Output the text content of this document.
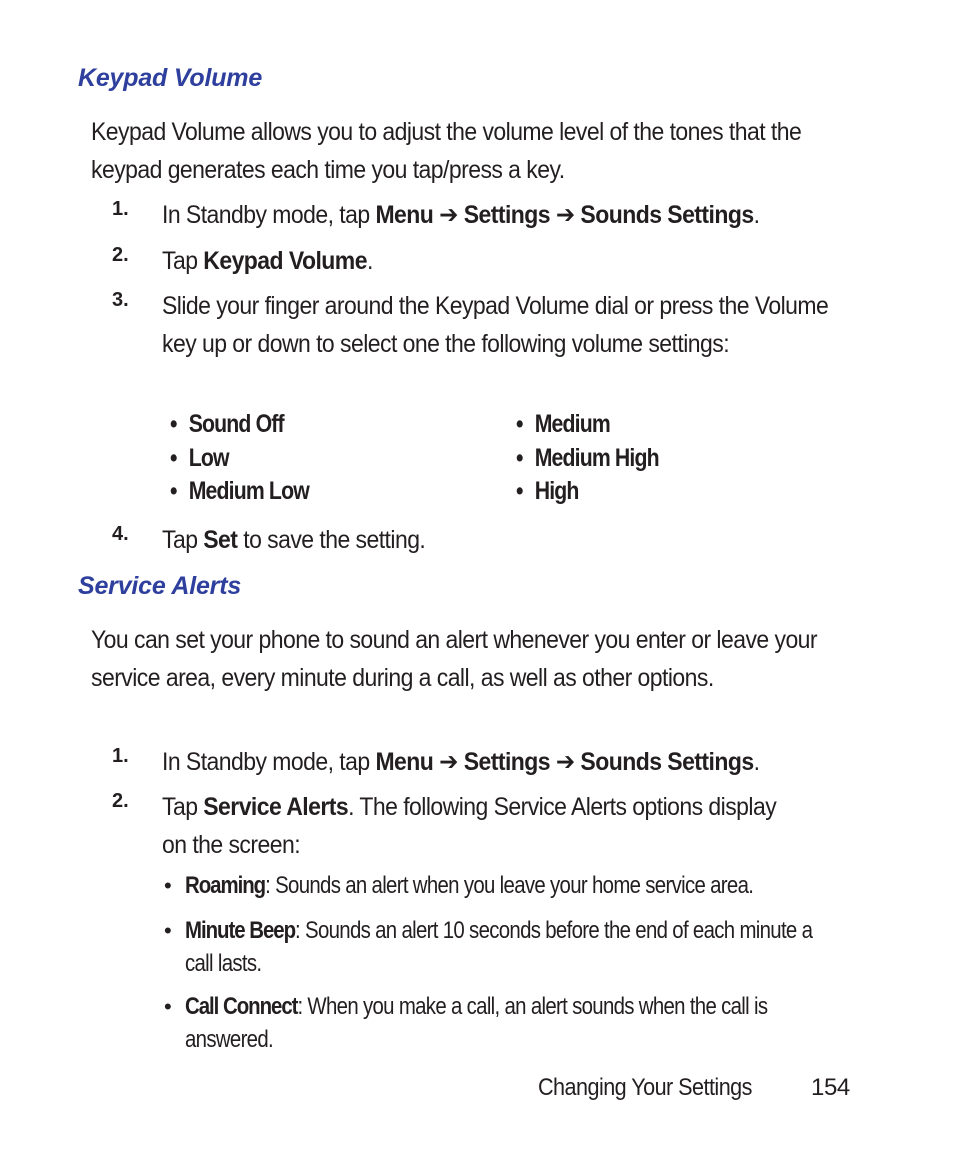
Keypad Volume

Keypad Volume allows you to adjust the volume level of the tones that the keypad generates each time you tap/press a key.

1. In Standby mode, tap Menu ➔ Settings ➔ Sounds Settings.

2. Tap Keypad Volume.

3. Slide your finger around the Keypad Volume dial or press the Volume key up or down to select one the following volume settings:

• Sound Off
• Low
• Medium Low
• Medium
• Medium High
• High
4. Tap Set to save the setting.

Service Alerts

You can set your phone to sound an alert whenever you enter or leave your service area, every minute during a call, as well as other options.

1. In Standby mode, tap Menu ➔ Settings ➔ Sounds Settings.

2. Tap Service Alerts. The following Service Alerts options display on the screen:

• Roaming: Sounds an alert when you leave your home service area.

• Minute Beep: Sounds an alert 10 seconds before the end of each minute a call lasts.

• Call Connect: When you make a call, an alert sounds when the call is answered.

Changing Your Settings 154
